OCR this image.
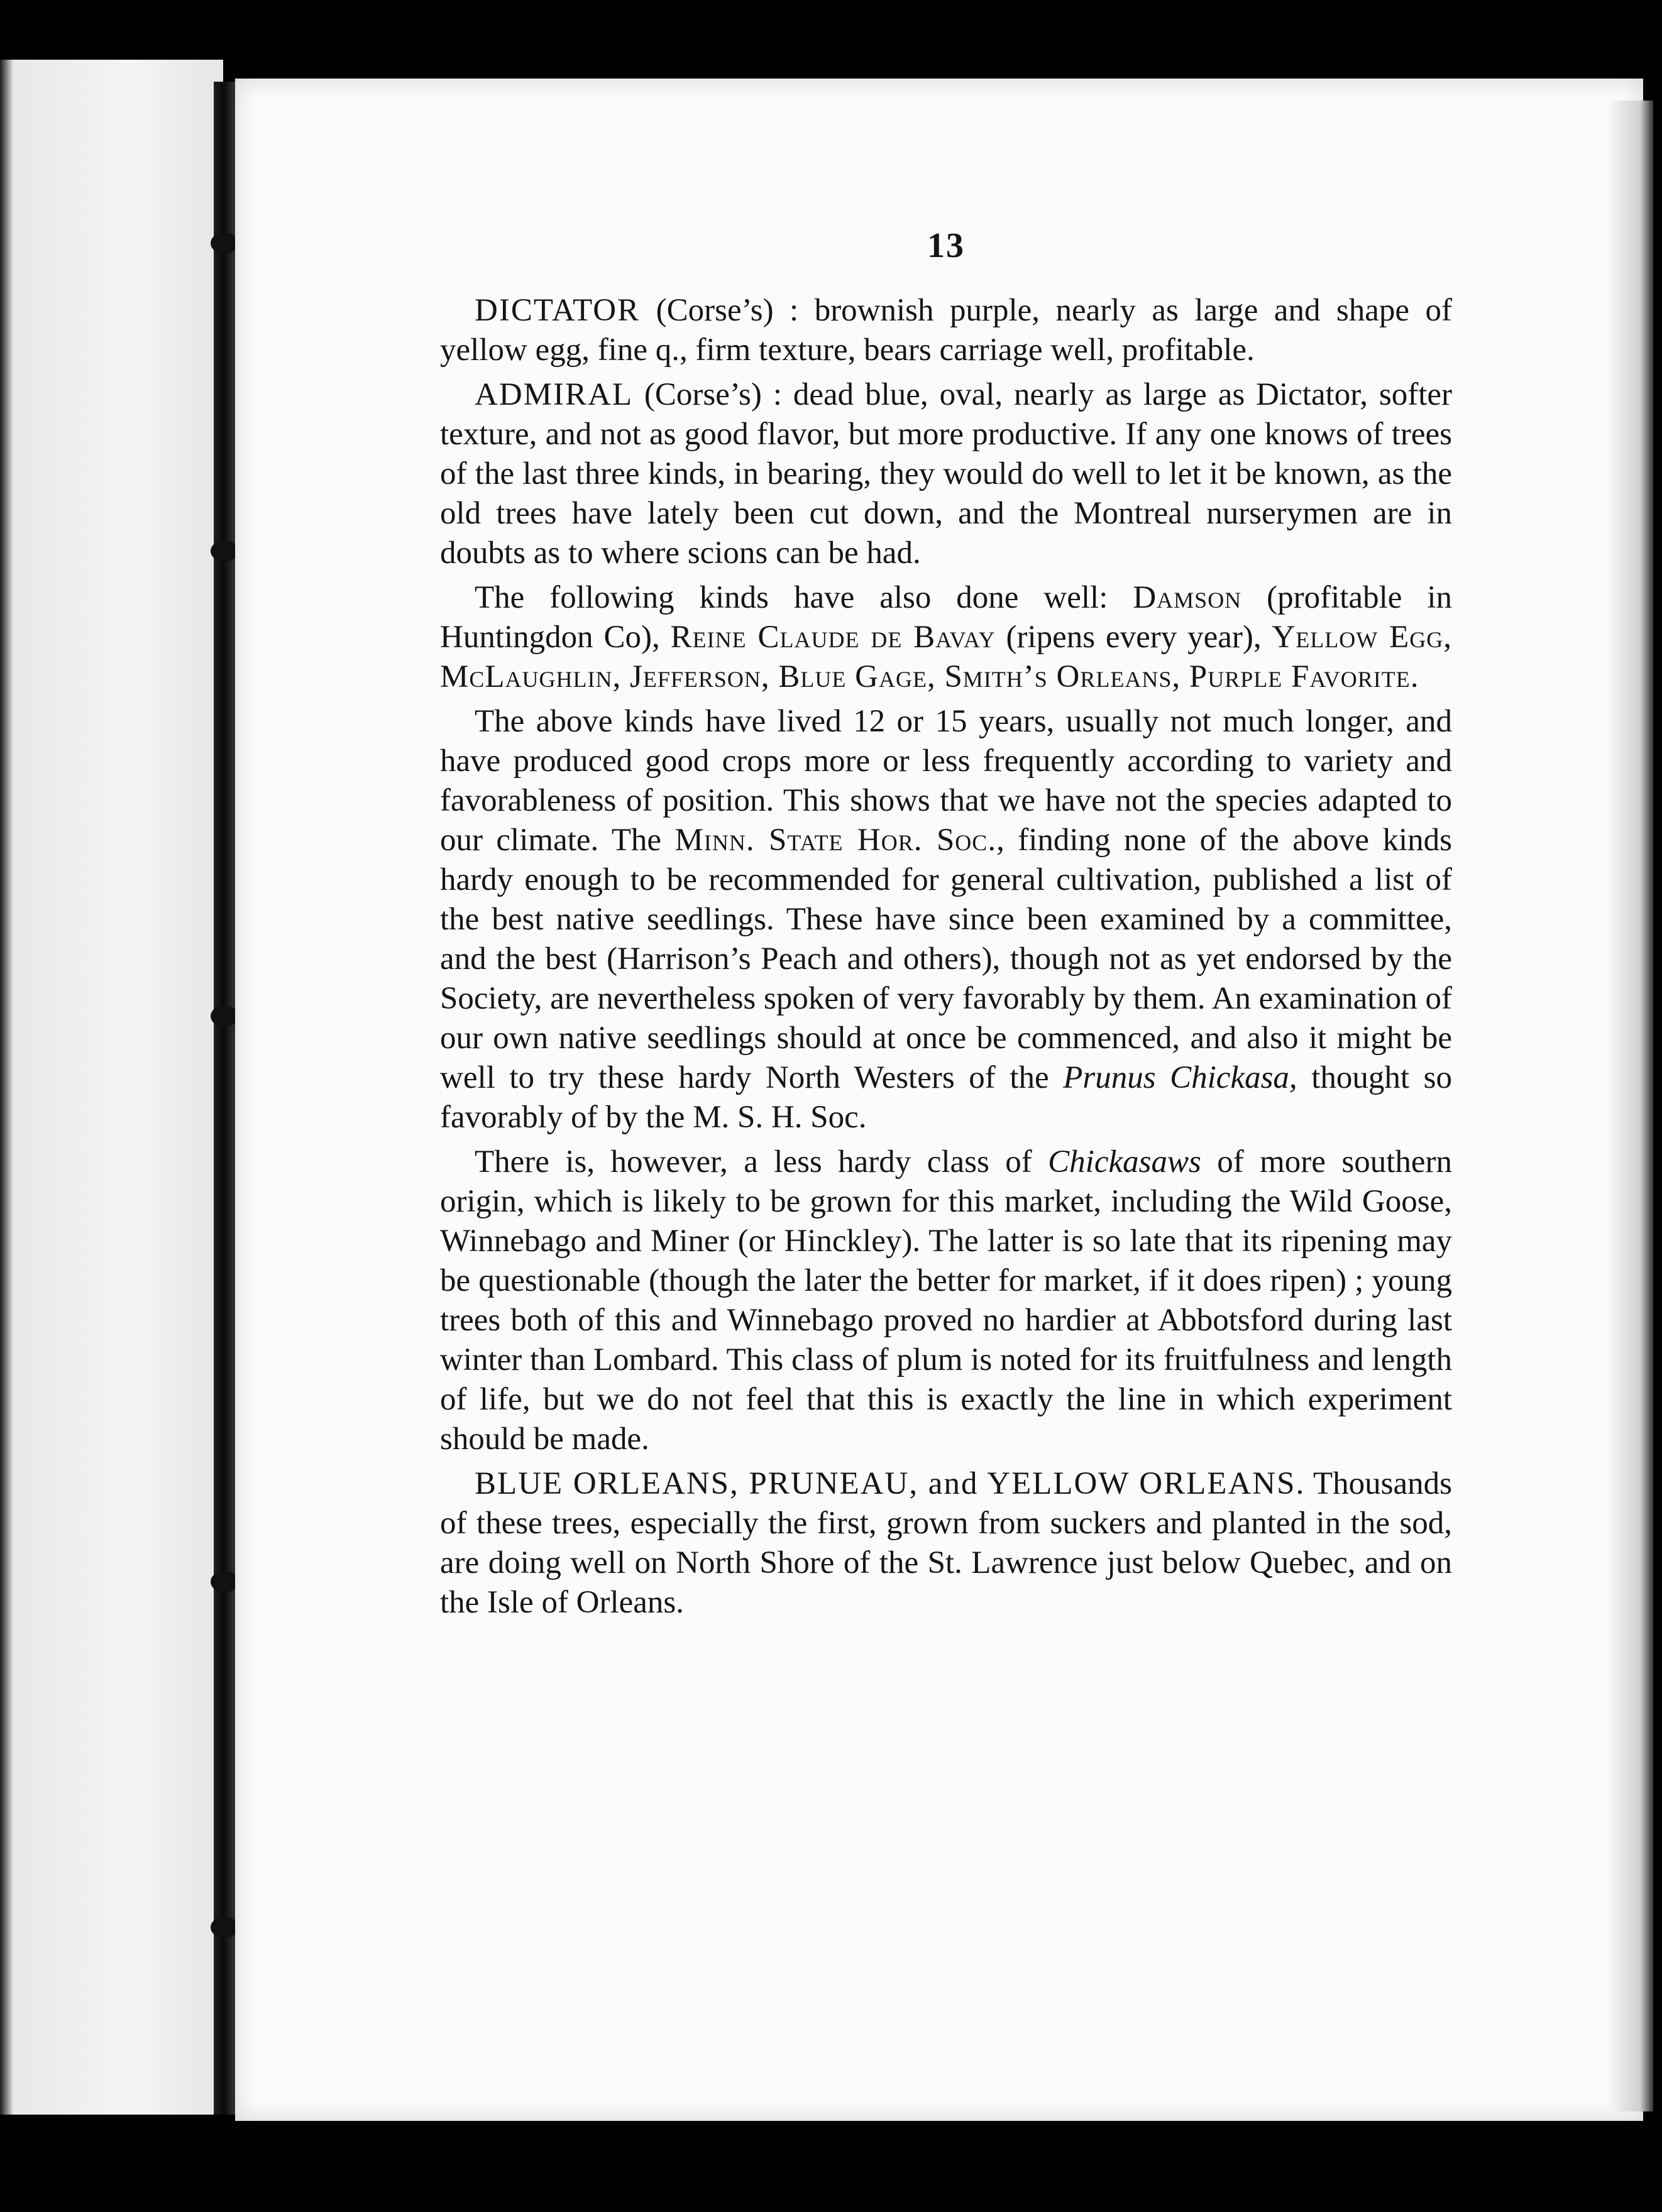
13

DICTATOR (Corse’s) : brownish purple, nearly as large and shape of yellow egg, fine q., firm texture, bears carriage well, profitable.

ADMIRAL (Corse’s) : dead blue, oval, nearly as large as Dictator, softer texture, and not as good flavor, but more productive. If any one knows of trees of the last three kinds, in bearing, they would do well to let it be known, as the old trees have lately been cut down, and the Montreal nurserymen are in doubts as to where scions can be had.

The following kinds have also done well: Damson (profitable in Huntingdon Co), Reine Claude de Bavay (ripens every year), Yellow Egg, McLaughlin, Jefferson, Blue Gage, Smith’s Orleans, Purple Favorite.

The above kinds have lived 12 or 15 years, usually not much longer, and have produced good crops more or less frequently according to variety and favorableness of position. This shows that we have not the species adapted to our climate. The Minn. State Hor. Soc., finding none of the above kinds hardy enough to be recommended for general cultivation, published a list of the best native seedlings. These have since been examined by a committee, and the best (Harrison’s Peach and others), though not as yet endorsed by the Society, are nevertheless spoken of very favorably by them. An examination of our own native seedlings should at once be commenced, and also it might be well to try these hardy North Westers of the Prunus Chickasa, thought so favorably of by the M. S. H. Soc.

There is, however, a less hardy class of Chickasaws of more southern origin, which is likely to be grown for this market, including the Wild Goose, Winnebago and Miner (or Hinckley). The latter is so late that its ripening may be questionable (though the later the better for market, if it does ripen) ; young trees both of this and Winnebago proved no hardier at Abbotsford during last winter than Lombard. This class of plum is noted for its fruitfulness and length of life, but we do not feel that this is exactly the line in which experiment should be made.

BLUE ORLEANS, PRUNEAU, and YELLOW ORLEANS. Thousands of these trees, especially the first, grown from suckers and planted in the sod, are doing well on North Shore of the St. Lawrence just below Quebec, and on the Isle of Orleans.
